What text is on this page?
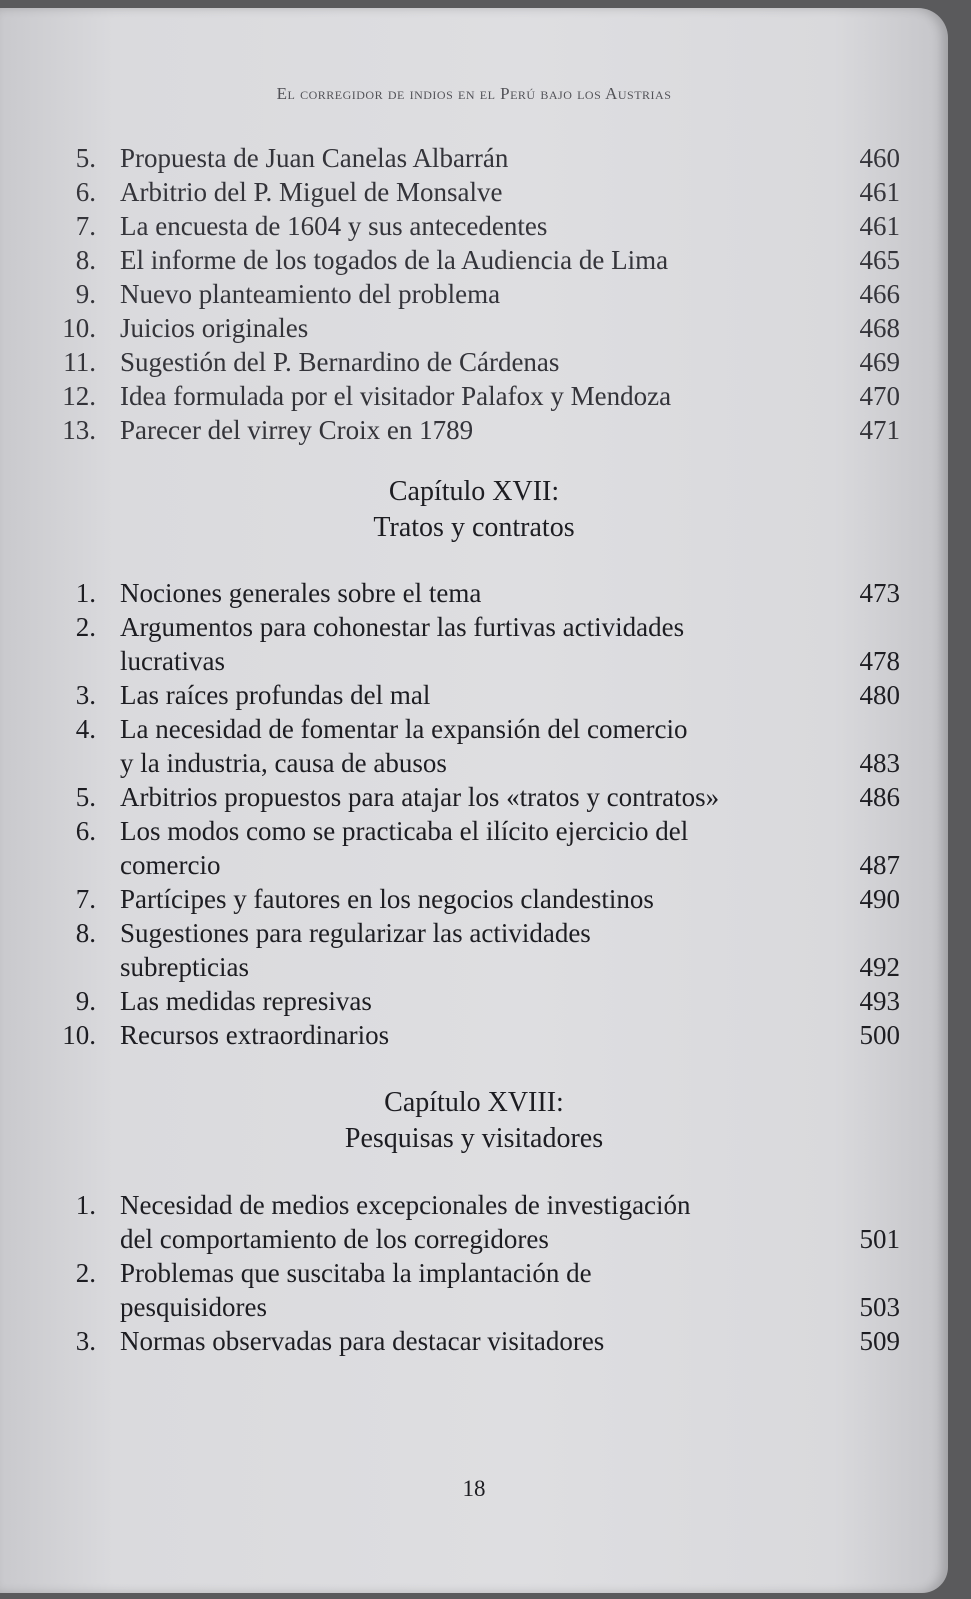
El corregidor de indios en el Perú bajo los Austrias
5. Propuesta de Juan Canelas Albarrán	460
6. Arbitrio del P. Miguel de Monsalve	461
7. La encuesta de 1604 y sus antecedentes	461
8. El informe de los togados de la Audiencia de Lima	465
9. Nuevo planteamiento del problema	466
10. Juicios originales	468
11. Sugestión del P. Bernardino de Cárdenas	469
12. Idea formulada por el visitador Palafox y Mendoza	470
13. Parecer del virrey Croix en 1789	471
Capítulo XVII:
Tratos y contratos
1. Nociones generales sobre el tema	473
2. Argumentos para cohonestar las furtivas actividades
lucrativas	478
3. Las raíces profundas del mal	480
4. La necesidad de fomentar la expansión del comercio
y la industria, causa de abusos	483
5. Arbitrios propuestos para atajar los «tratos y contratos»	486
6. Los modos como se practicaba el ilícito ejercicio del
comercio	487
7. Partícipes y fautores en los negocios clandestinos	490
8. Sugestiones para regularizar las actividades
subrepticias	492
9. Las medidas represivas	493
10. Recursos extraordinarios	500
Capítulo XVIII:
Pesquisas y visitadores
1. Necesidad de medios excepcionales de investigación
del comportamiento de los corregidores	501
2. Problemas que suscitaba la implantación de
pesquisidores	503
3. Normas observadas para destacar visitadores	509
18
